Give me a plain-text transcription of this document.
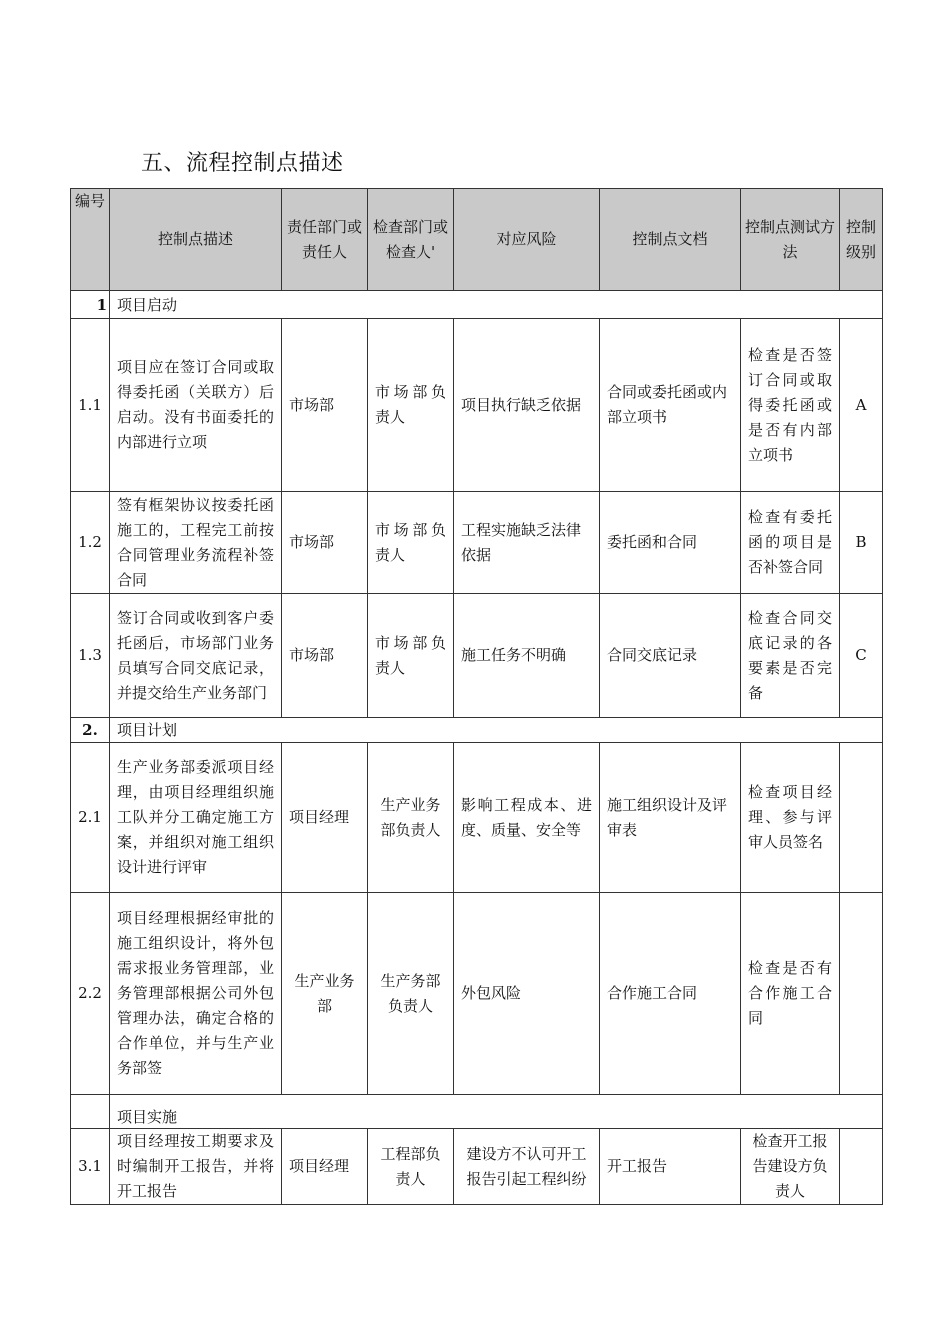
五、流程控制点描述
编号	控制点描述	责任部门或责任人	检查部门或检查人'	对应风险	控制点文档	控制点测试方法	控制级别
1	项目启动						
1.1	项目应在签订合同或取得委托函（关联方）后启动。没有书面委托的内部进行立项	市场部	市场部负责人	项目执行缺乏依据	合同或委托函或内部立项书	检查是否签订合同或取得委托函或是否有内部立项书	A
1.2	签有框架协议按委托函施工的，工程完工前按合同管理业务流程补签合同	市场部	市场部负责人	工程实施缺乏法律依据	委托函和合同	检查有委托函的项目是否补签合同	B
1.3	签订合同或收到客户委托函后，市场部门业务员填写合同交底记录，并提交给生产业务部门	市场部	市场部负责人	施工任务不明确	合同交底记录	检查合同交底记录的各要素是否完备	C
2.	项目计划						
2.1	生产业务部委派项目经理，由项目经理组织施工队并分工确定施工方案，并组织对施工组织设计进行评审	项目经理	生产业务部负责人	影响工程成本、进度、质量、安全等	施工组织设计及评审表	检查项目经理、参与评审人员签名	
2.2	项目经理根据经审批的施工组织设计，将外包需求报业务管理部，业务管理部根据公司外包管理办法，确定合格的合作单位，并与生产业务部签	生产业务部	生产务部负责人	外包风险	合作施工合同	检查是否有合作施工合同	
	项目实施						
3.1	项目经理按工期要求及时编制开工报告，并将开工报告	项目经理	工程部负责人	建设方不认可开工报告引起工程纠纷	开工报告	检查开工报告建设方负责人	
